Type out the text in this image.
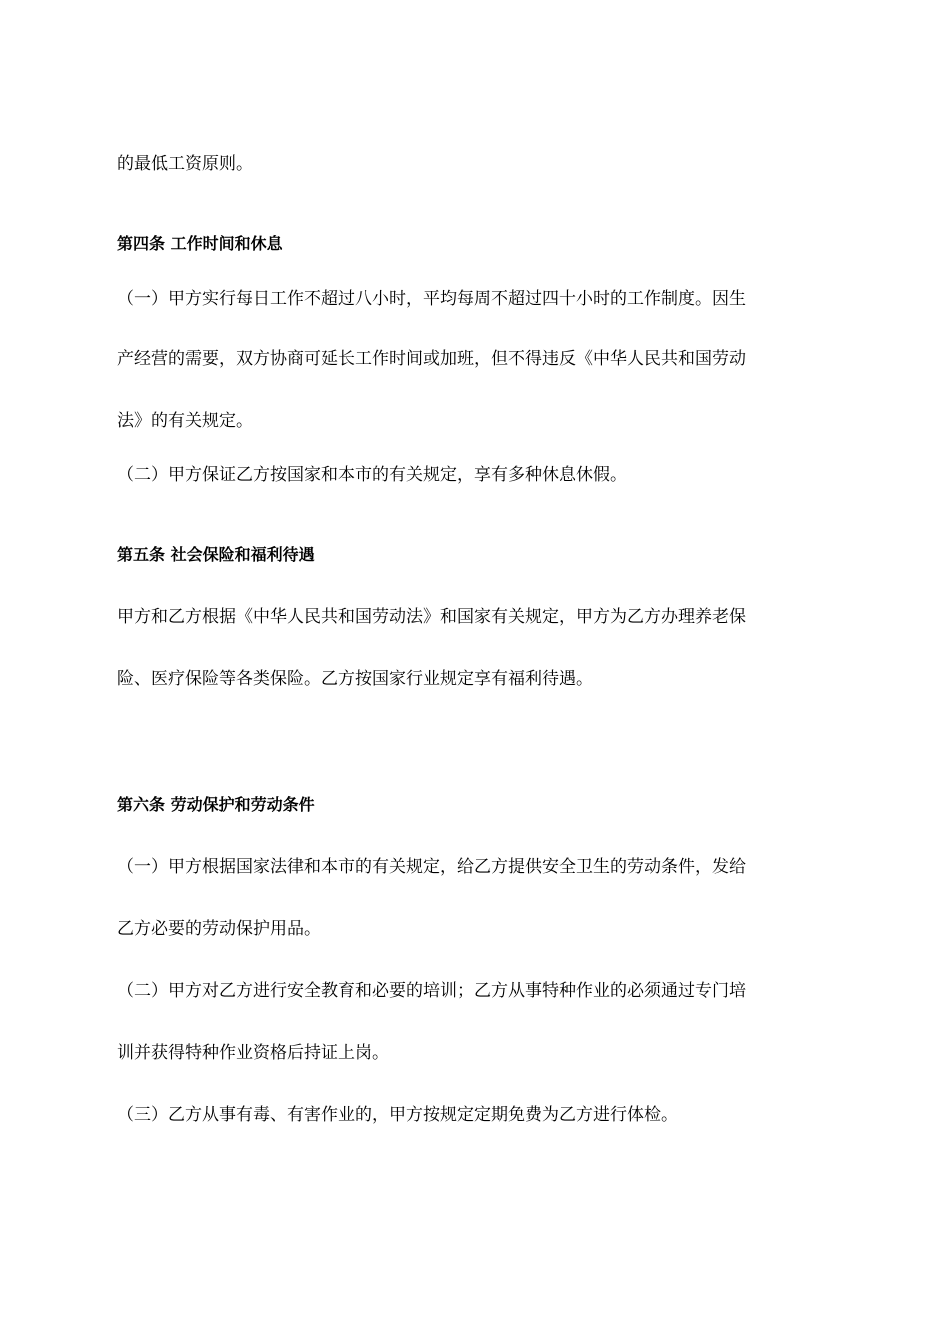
的最低工资原则。
第四条 工作时间和休息
（一）甲方实行每日工作不超过八小时，平均每周不超过四十小时的工作制度。因生
产经营的需要，双方协商可延长工作时间或加班，但不得违反《中华人民共和国劳动
法》的有关规定。
（二）甲方保证乙方按国家和本市的有关规定，享有多种休息休假。
第五条 社会保险和福利待遇
甲方和乙方根据《中华人民共和国劳动法》和国家有关规定，甲方为乙方办理养老保
险、医疗保险等各类保险。乙方按国家行业规定享有福利待遇。
第六条 劳动保护和劳动条件
（一）甲方根据国家法律和本市的有关规定，给乙方提供安全卫生的劳动条件，发给
乙方必要的劳动保护用品。
（二）甲方对乙方进行安全教育和必要的培训；乙方从事特种作业的必须通过专门培
训并获得特种作业资格后持证上岗。
（三）乙方从事有毒、有害作业的，甲方按规定定期免费为乙方进行体检。
